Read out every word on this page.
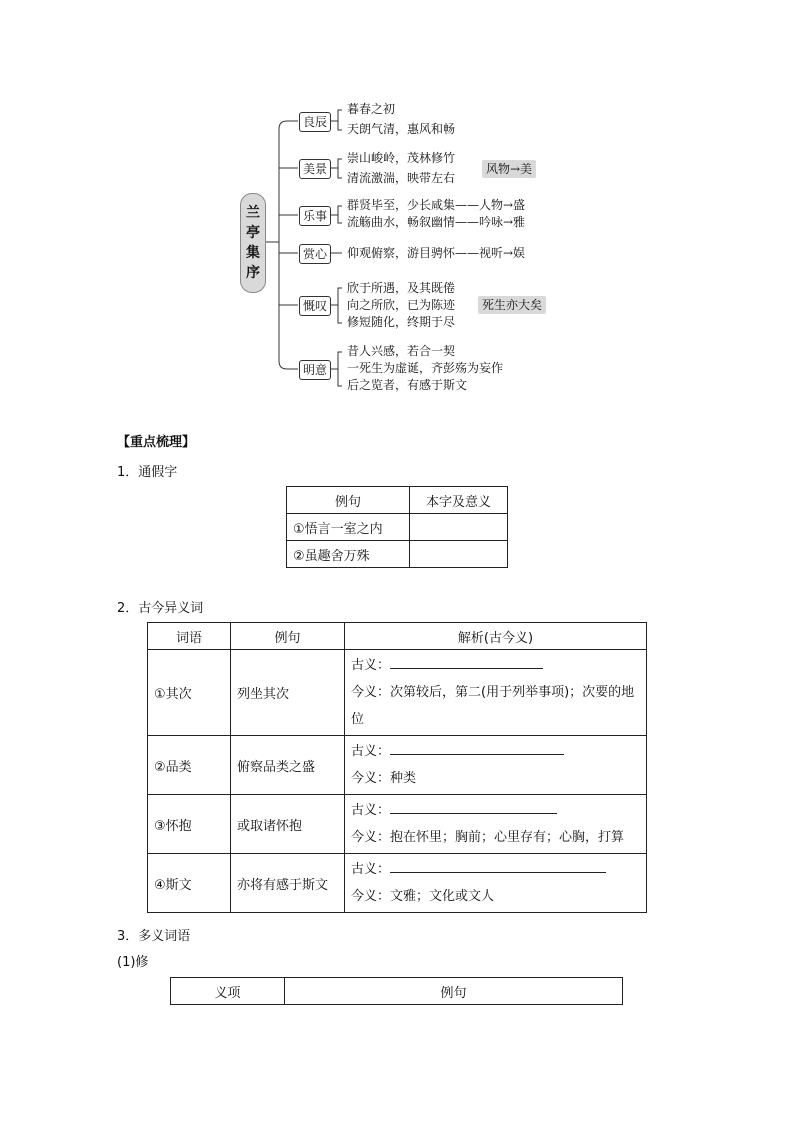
兰
亭
集
序
良辰
暮春之初
天朗气清，惠风和畅
美景
崇山峻岭，茂林修竹
清流激湍，映带左右
风物→美
乐事
群贤毕至，少长咸集——人物→盛
流觞曲水，畅叙幽情——吟咏→雅
赏心	仰观俯察，游目骋怀——视听→娱
慨叹
欣于所遇，及其既倦
向之所欣，已为陈迹
修短随化，终期于尽
死生亦大矣
明意
昔人兴感，若合一契
一死生为虚诞，齐彭殇为妄作
后之览者，有感于斯文
【重点梳理】
1．通假字
例句	本字及意义
①悟言一室之内	
②虽趣舍万殊	
2．古今异义词
词语	例句	解析(古今义)
①其次	列坐其次	古义：
今义：次第较后，第二(用于列举事项)；次要的地位

②品类	俯察品类之盛	古义：
今义：种类

③怀抱	或取诸怀抱	古义：
今义：抱在怀里；胸前；心里存有；心胸，打算

④斯文	亦将有感于斯文	古义：
今义：文雅；文化或文人
3．多义词语
(1)修
义项	例句
